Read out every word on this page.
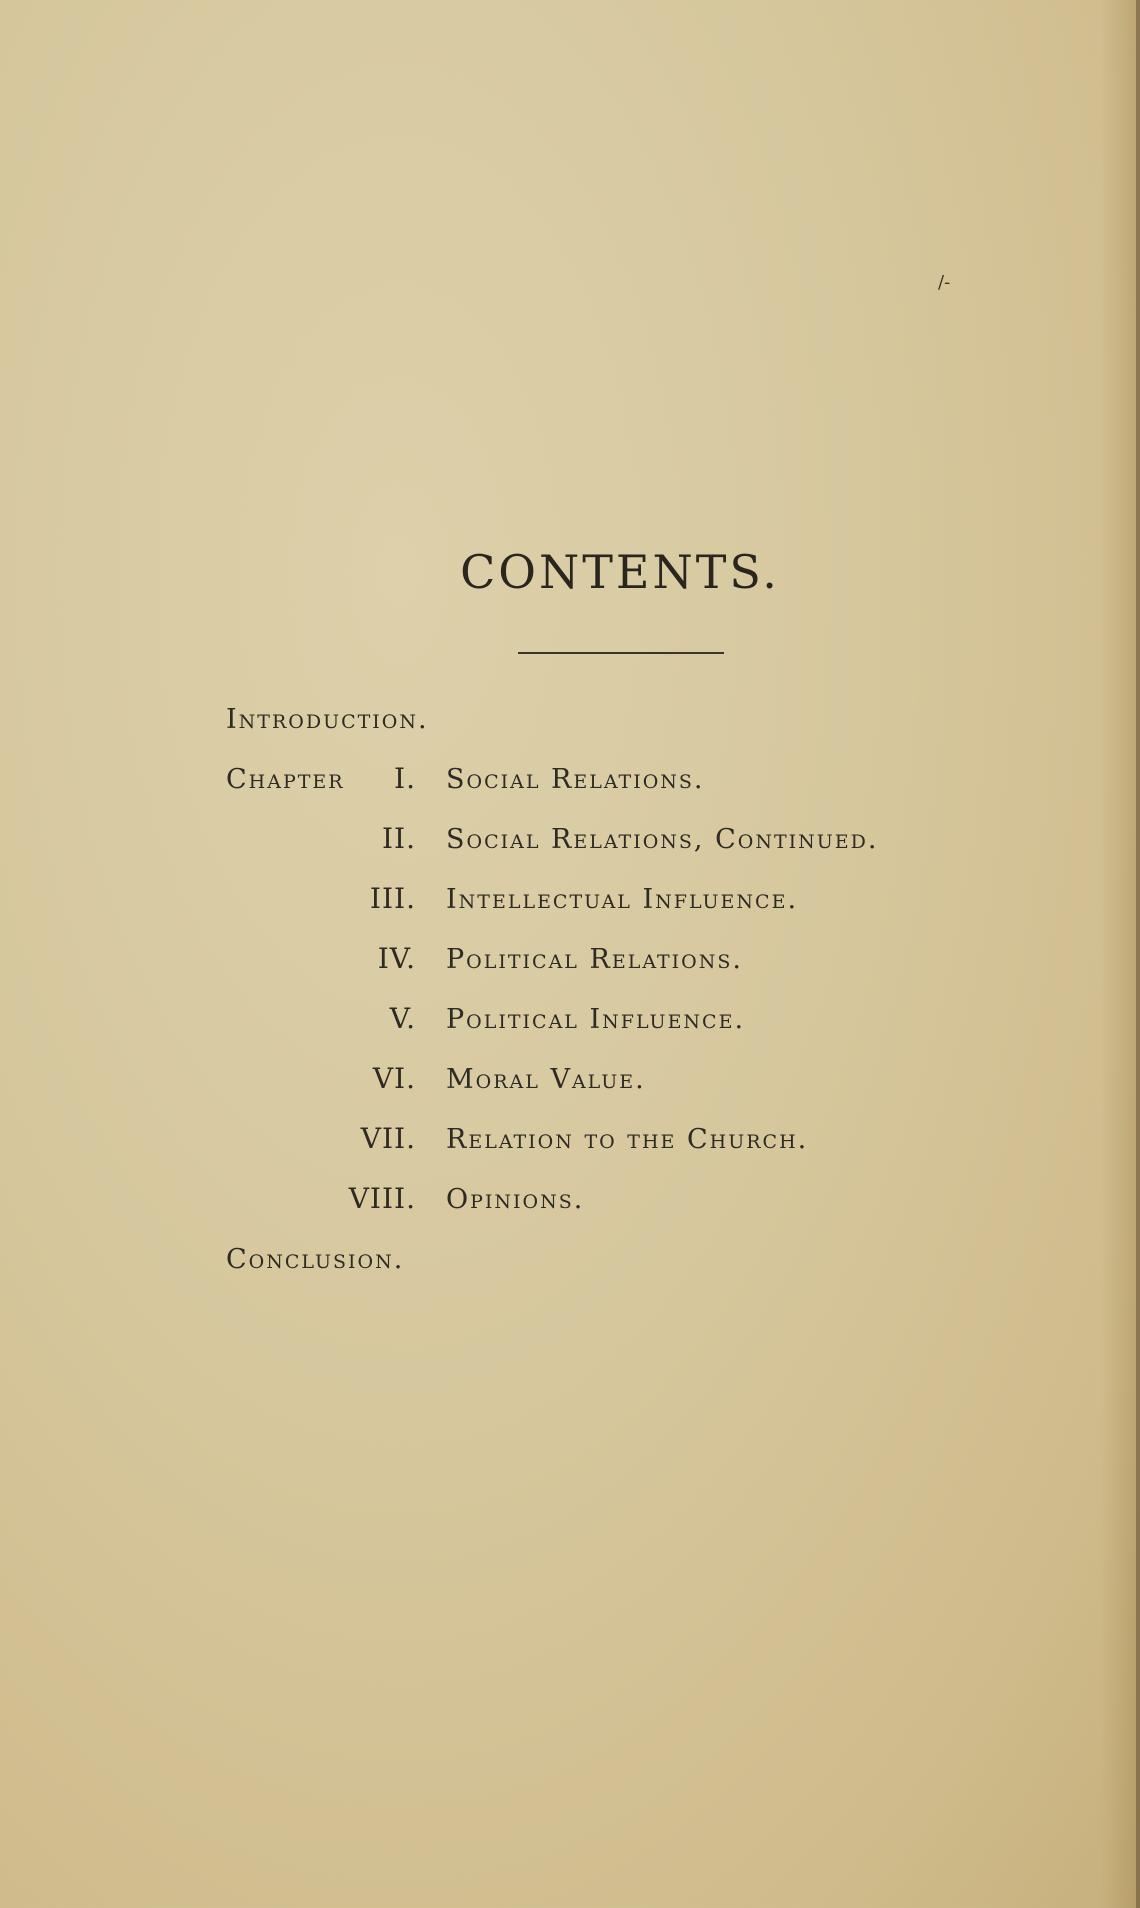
/-
CONTENTS.
Introduction.
Chapter I. Social Relations.
II. Social Relations, Continued.
III. Intellectual Influence.
IV. Political Relations.
V. Political Influence.
VI. Moral Value.
VII. Relation to the Church.
VIII. Opinions.
Conclusion.
